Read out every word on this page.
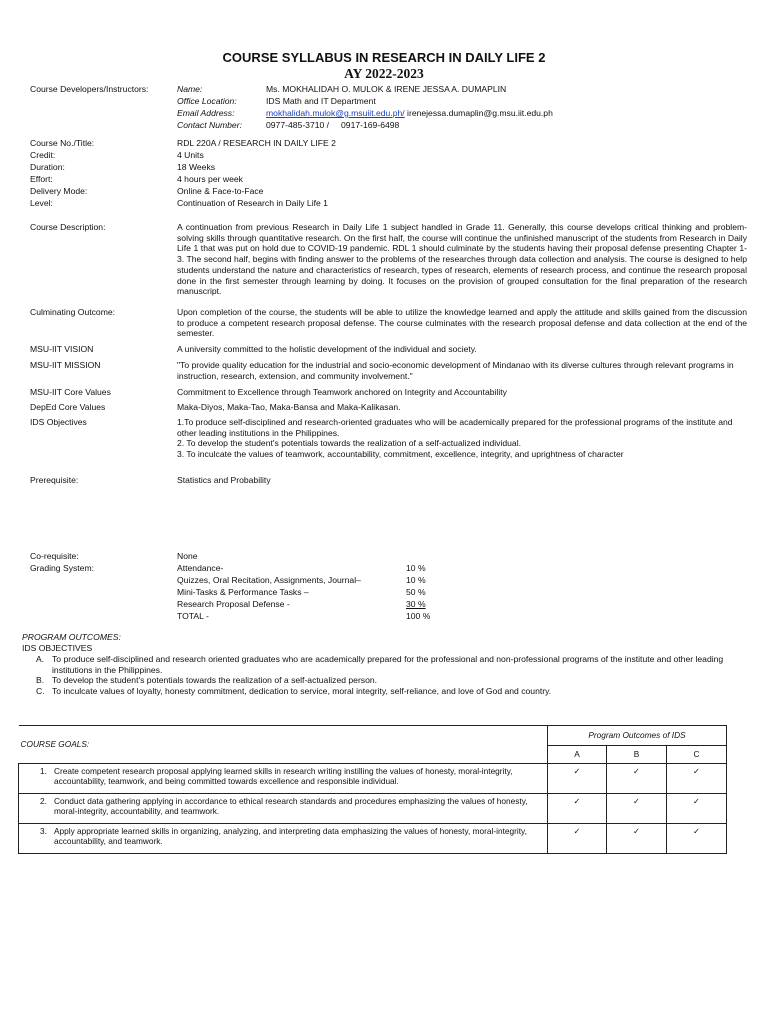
COURSE SYLLABUS IN RESEARCH IN DAILY LIFE 2
AY 2022-2023
Course Developers/Instructors:	Name:	Ms. MOKHALIDAH O. MULOK & IRENE JESSA A. DUMAPLIN
Office Location:	IDS Math and IT Department
Email Address:	mokhalidah.mulok@g.msuiit.edu.ph/ irenejessa.dumaplin@g.msu.iit.edu.ph
Contact Number:	0977-485-3710 /     0917-169-6498
Course No./Title:	RDL 220A / RESEARCH IN DAILY LIFE 2
Credit:	4 Units
Duration:	18 Weeks
Effort:	4 hours per week
Delivery Mode:	Online & Face-to-Face
Level:	Continuation of Research in Daily Life 1
Course Description:	A continuation from previous Research in Daily Life 1 subject handled in Grade 11. Generally, this course develops critical thinking and problem-solving skills through quantitative research. On the first half, the course will continue the unfinished manuscript of the students from Research in Daily Life 1 that was put on hold due to COVID-19 pandemic. RDL 1 should culminate by the students having their proposal defense presenting Chapter 1-3. The second half, begins with finding answer to the problems of the researches through data collection and analysis. The course is designed to help students understand the nature and characteristics of research, types of research, elements of research process, and continue the research proposal done in the first semester through learning by doing. It focuses on the provision of grouped consultation for the final preparation of the research manuscript.
Culminating Outcome:	Upon completion of the course, the students will be able to utilize the knowledge learned and apply the attitude and skills gained from the discussion to produce a competent research proposal defense. The course culminates with the research proposal defense and data collection at the end of the semester.
MSU-IIT VISION	A university committed to the holistic development of the individual and society.
MSU-IIT MISSION	"To provide quality education for the industrial and socio-economic development of Mindanao with its diverse cultures through relevant programs in instruction, research, extension, and community involvement."
MSU-IIT Core Values	Commitment to Excellence through Teamwork anchored on Integrity and Accountability
DepEd Core Values	Maka-Diyos, Maka-Tao, Maka-Bansa and Maka-Kalikasan.
IDS Objectives	1.To produce self-disciplined and research-oriented graduates who will be academically prepared for the professional programs of the institute and other leading institutions in the Philippines.
2. To develop the student's potentials towards the realization of a self-actualized individual.
3. To inculcate the values of teamwork, accountability, commitment, excellence, integrity, and uprightness of character
Prerequisite:	Statistics and Probability
Co-requisite:	None
Grading System:	Attendance-	10 %
Quizzes, Oral Recitation, Assignments, Journal–	10 %
Mini-Tasks & Performance Tasks –	50 %
Research Proposal Defense -	30 %
TOTAL -	100 %
PROGRAM OUTCOMES:
IDS OBJECTIVES
A. To produce self-disciplined and research oriented graduates who are academically prepared for the professional and non-professional programs of the institute and other leading institutions in the Philippines.
B. To develop the student's potentials towards the realization of a self-actualized person.
C. To inculcate values of loyalty, honesty commitment, dedication to service, moral integrity, self-reliance, and love of God and country.
COURSE GOALS:	Program Outcomes of IDS		
	A	B	C

1. Create competent research proposal applying learned skills in research writing instilling the values of honesty, moral-integrity, accountability, teamwork, and being committed towards excellence and responsible individual.	✓	✓	✓

2. Conduct data gathering applying in accordance to ethical research standards and procedures emphasizing the values of honesty, moral-integrity, accountability, and teamwork.	✓	✓	✓

3. Apply appropriate learned skills in organizing, analyzing, and interpreting data emphasizing the values of honesty, moral-integrity, accountability, and teamwork.	✓	✓	✓
